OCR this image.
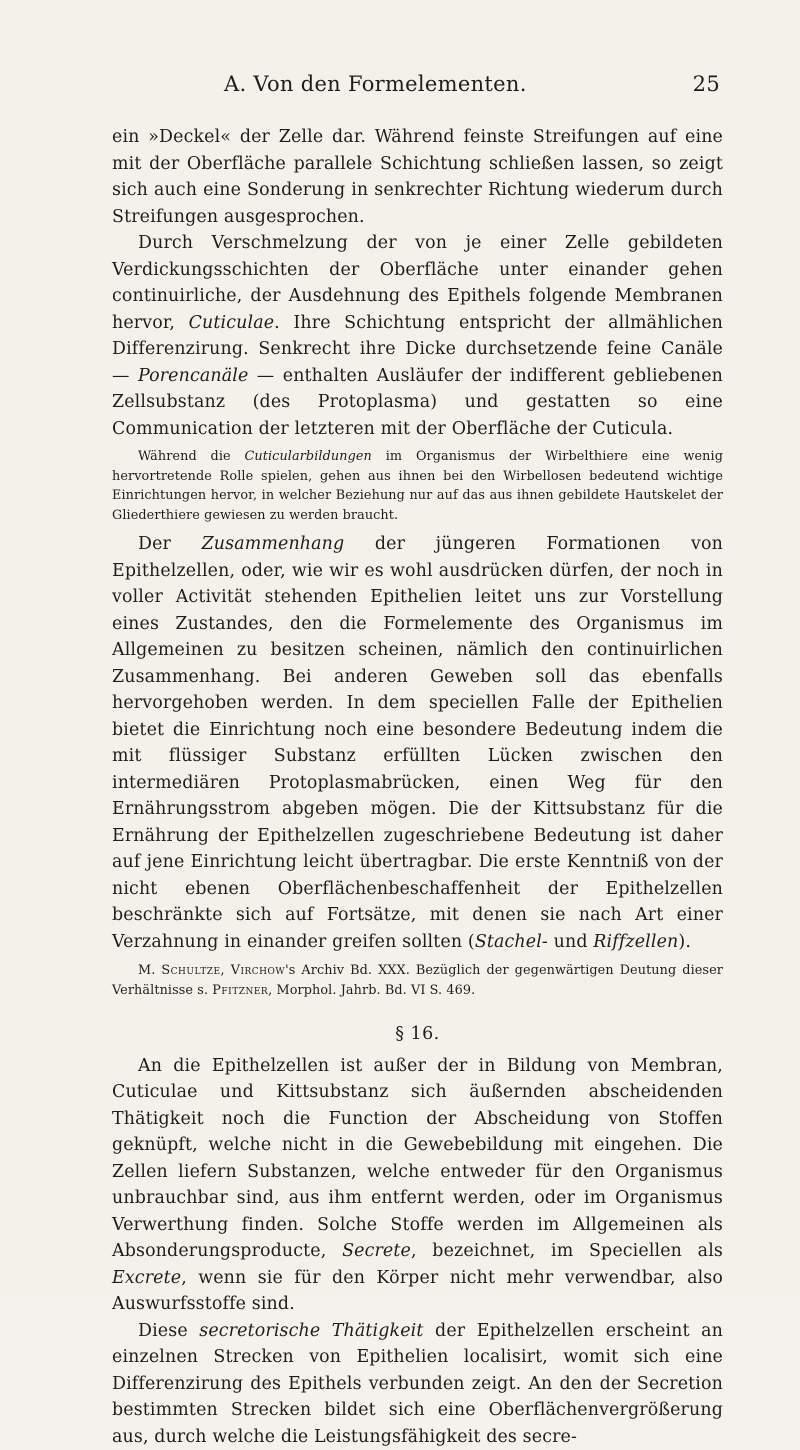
A. Von den Formelementen.	25

ein »Deckel« der Zelle dar. Während feinste Streifungen auf eine mit der Oberfläche parallele Schichtung schließen lassen, so zeigt sich auch eine Sonderung in senkrechter Richtung wiederum durch Streifungen ausgesprochen.

Durch Verschmelzung der von je einer Zelle gebildeten Verdickungsschichten der Oberfläche unter einander gehen continuirliche, der Ausdehnung des Epithels folgende Membranen hervor, Cuticulae. Ihre Schichtung entspricht der allmählichen Differenzirung. Senkrecht ihre Dicke durchsetzende feine Canäle — Porencanäle — enthalten Ausläufer der indifferent gebliebenen Zellsubstanz (des Protoplasma) und gestatten so eine Communication der letzteren mit der Oberfläche der Cuticula.

Während die Cuticularbildungen im Organismus der Wirbelthiere eine wenig hervortretende Rolle spielen, gehen aus ihnen bei den Wirbellosen bedeutend wichtige Einrichtungen hervor, in welcher Beziehung nur auf das aus ihnen gebildete Hautskelet der Gliederthiere gewiesen zu werden braucht.

Der Zusammenhang der jüngeren Formationen von Epithelzellen, oder, wie wir es wohl ausdrücken dürfen, der noch in voller Activität stehenden Epithelien leitet uns zur Vorstellung eines Zustandes, den die Formelemente des Organismus im Allgemeinen zu besitzen scheinen, nämlich den continuirlichen Zusammenhang. Bei anderen Geweben soll das ebenfalls hervorgehoben werden. In dem speciellen Falle der Epithelien bietet die Einrichtung noch eine besondere Bedeutung indem die mit flüssiger Substanz erfüllten Lücken zwischen den intermediären Protoplasmabrücken, einen Weg für den Ernährungsstrom abgeben mögen. Die der Kittsubstanz für die Ernährung der Epithelzellen zugeschriebene Bedeutung ist daher auf jene Einrichtung leicht übertragbar. Die erste Kenntniß von der nicht ebenen Oberflächenbeschaffenheit der Epithelzellen beschränkte sich auf Fortsätze, mit denen sie nach Art einer Verzahnung in einander greifen sollten (Stachel- und Riffzellen).

M. Schultze, Virchow's Archiv Bd. XXX. Bezüglich der gegenwärtigen Deutung dieser Verhältnisse s. Pfitzner, Morphol. Jahrb. Bd. VI S. 469.

§ 16.

An die Epithelzellen ist außer der in Bildung von Membran, Cuticulae und Kittsubstanz sich äußernden abscheidenden Thätigkeit noch die Function der Abscheidung von Stoffen geknüpft, welche nicht in die Gewebebildung mit eingehen. Die Zellen liefern Substanzen, welche entweder für den Organismus unbrauchbar sind, aus ihm entfernt werden, oder im Organismus Verwerthung finden. Solche Stoffe werden im Allgemeinen als Absonderungsproducte, Secrete, bezeichnet, im Speciellen als Excrete, wenn sie für den Körper nicht mehr verwendbar, also Auswurfsstoffe sind.

Diese secretorische Thätigkeit der Epithelzellen erscheint an einzelnen Strecken von Epithelien localisirt, womit sich eine Differenzirung des Epithels verbunden zeigt. An den der Secretion bestimmten Strecken bildet sich eine Oberflächenvergrößerung aus, durch welche die Leistungsfähigkeit des secre-
